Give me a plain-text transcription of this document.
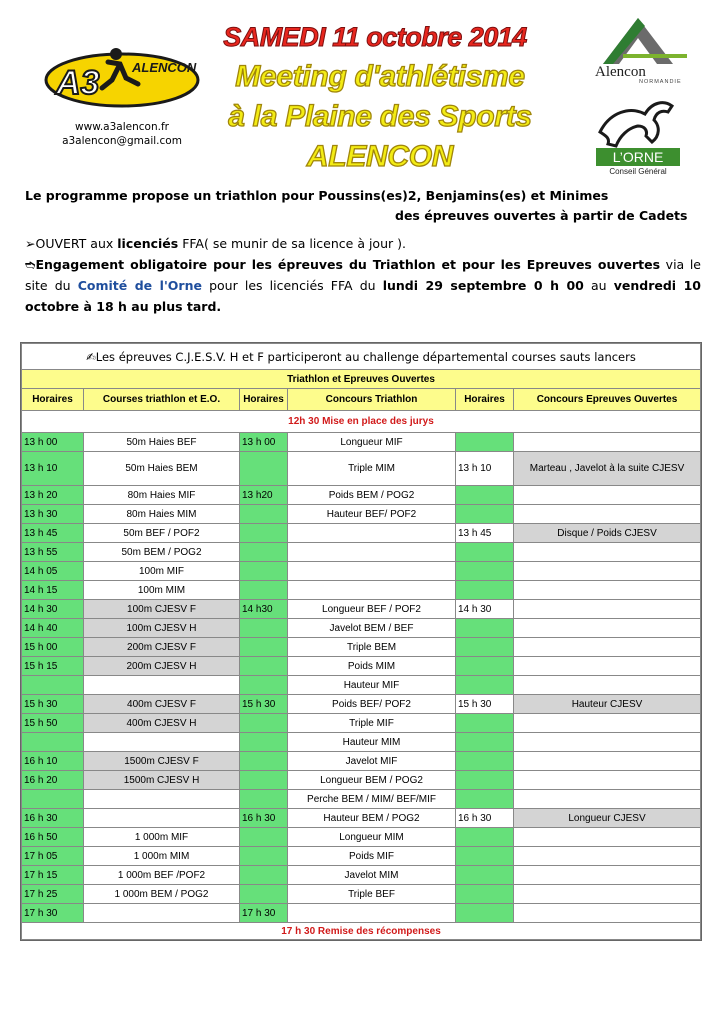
A3	ALENCON
www.a3alencon.fr
a3alencon@gmail.com
SAMEDI 11 octobre 2014
Meeting d'athlétisme
à la Plaine des Sports
ALENCON
Alencon
NORMANDIE
L’ORNE
Conseil Général
Le programme propose un triathlon pour Poussins(es)2, Benjamins(es) et Minimes
des épreuves ouvertes à partir de Cadets
➢OUVERT aux licenciés FFA( se munir de sa licence à jour ).
➬Engagement obligatoire pour les épreuves du Triathlon et pour les Epreuves ouvertes via le site du Comité de l'Orne pour les licenciés FFA du lundi 29 septembre 0 h 00 au vendredi 10 octobre à 18 h au plus tard.
✍Les épreuves C.J.E.S.V. H et F participeront au challenge départemental courses sauts lancers					
Triathlon et Epreuves Ouvertes					
Horaires	Courses triathlon et E.O.	Horaires	Concours Triathlon	Horaires	Concours Epreuves Ouvertes
12h 30 Mise en place des jurys					
13 h 00	50m Haies BEF	13 h 00	Longueur MIF		
13 h 10	50m Haies BEM		Triple MIM	13 h 10	Marteau , Javelot à la suite CJESV
13 h 20	80m Haies MIF	13 h20	Poids BEM / POG2		
13 h 30	80m Haies MIM		Hauteur BEF/ POF2		
13 h 45	50m BEF / POF2			13 h 45	Disque / Poids CJESV
13 h 55	50m BEM / POG2				
14 h 05	100m MIF				
14 h 15	100m MIM				
14 h 30	100m CJESV F	14 h30	Longueur BEF / POF2	14 h 30	
14 h 40	100m CJESV H		Javelot BEM / BEF		
15 h 00	200m CJESV F		Triple BEM		
15 h 15	200m CJESV H		Poids MIM		
			Hauteur MIF		
15 h 30	400m CJESV F	15 h 30	Poids BEF/ POF2	15 h 30	Hauteur CJESV
15 h 50	400m CJESV H		Triple MIF		
			Hauteur MIM		
16 h 10	1500m CJESV F		Javelot MIF		
16 h 20	1500m CJESV H		Longueur BEM / POG2		
			Perche BEM / MIM/ BEF/MIF		
16 h 30		16 h 30	Hauteur BEM / POG2	16 h 30	Longueur CJESV
16 h 50	1 000m MIF		Longueur MIM		
17 h 05	1 000m MIM		Poids MIF		
17 h 15	1 000m BEF /POF2		Javelot MIM		
17 h 25	1 000m BEM / POG2		Triple BEF		
17 h 30		17 h 30			
17 h 30 Remise des récompenses					
